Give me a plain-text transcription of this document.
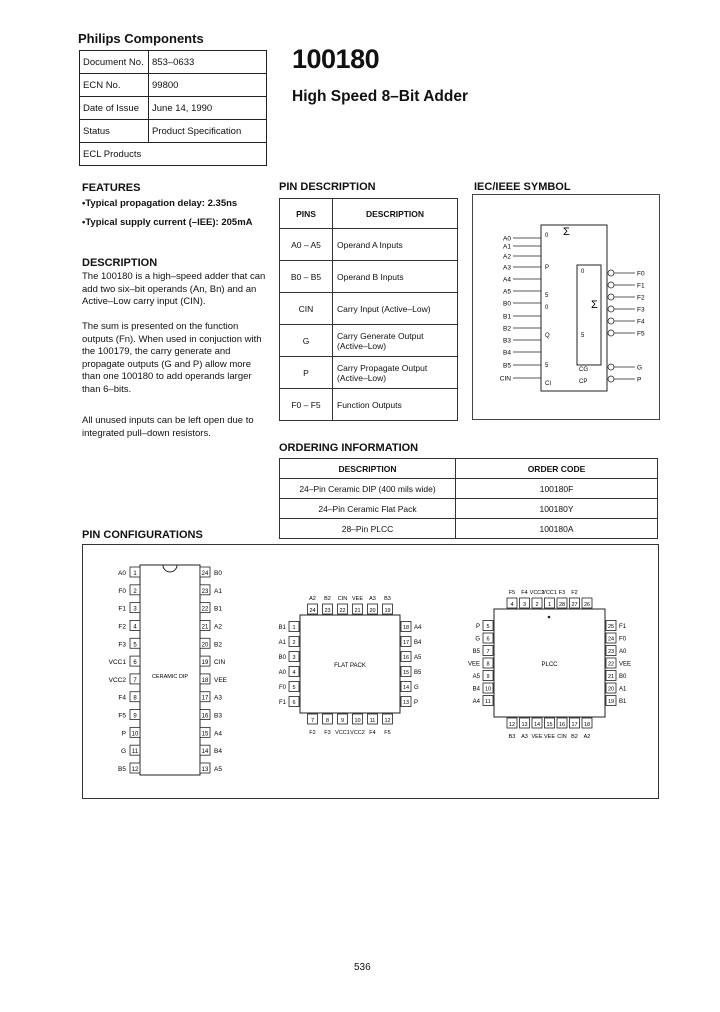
Philips Components
Document No.	853–0633
ECN No.	99800
Date of Issue	June 14, 1990
Status	Product Specification
ECL Products	
100180
High Speed 8–Bit Adder
FEATURES
•Typical propagation delay: 2.35ns
•Typical supply current (–IEE): 205mA
DESCRIPTION
The 100180 is a high–speed adder that can add two six–bit operands (An, Bn) and an Active–Low carry input (CIN).
The sum is presented on the function outputs (Fn). When used in conjuction with the 100179, the carry generate and propagate outputs (G and P) allow more than one 100180 to add operands larger than 6–bits.
All unused inputs can be left open due to integrated pull–down resistors.
PIN DESCRIPTION
PINS	DESCRIPTION
A0 – A5	Operand A Inputs
B0 – B5	Operand B Inputs
CIN	Carry Input (Active–Low)
G	Carry Generate Output (Active–Low)
P	Carry Propagate Output (Active–Low)
F0 – F5	Function Outputs
IEC/IEEE SYMBOL
Σ
Σ
A0
A1
A2
A3
A4
A5
B0
B1
B2
B3
B4
B5
CIN
0
P
5
0
Q
5
CI
F0
F1
F2
F3
F4
F5
G
P
0
5
CG
CP
ORDERING INFORMATION
DESCRIPTION	ORDER CODE
24–Pin Ceramic DIP (400 mils wide)	100180F
24–Pin Ceramic Flat Pack	100180Y
28–Pin PLCC	100180A
PIN CONFIGURATIONS
1
A0
2
F0
3
F1
4
F2
5
F3
6
VCC1
7
VCC2
8
F4
9
F5
10
P
11
G
12
B5
24 B0
23 A1
22 B1
21 A2
20 B2
19 CIN
18 VEE
17 A3
16 B3
15 A4
14 B4
13 A5
CERAMIC DIP
FLAT PACK
24
A2
23
B2
22
CIN
21
VEE
20
A3
19
B3
7
F2
8
F3
9
VCC1
10
VCC2
11
F4
12
F5
1
B1
2
A1
3
B0
4
A0
5
F0
6
F1
18 A4
17 B4
16 A5
15 B5
14 G
13 P
PLCC
4
F5
3
F4
2
VCC2
1
VCC1
28
F3
27
F2
26
12
B3
13
A3
14
VEE
15
VEE
16
CIN
17
B2
18
A2
5
P
6
G
7
B5
8
VEE
9
A5
10
B4
11
A4
25 F1
24 F0
23 A0
22 VEE
21 B0
20 A1
19 B1
536
